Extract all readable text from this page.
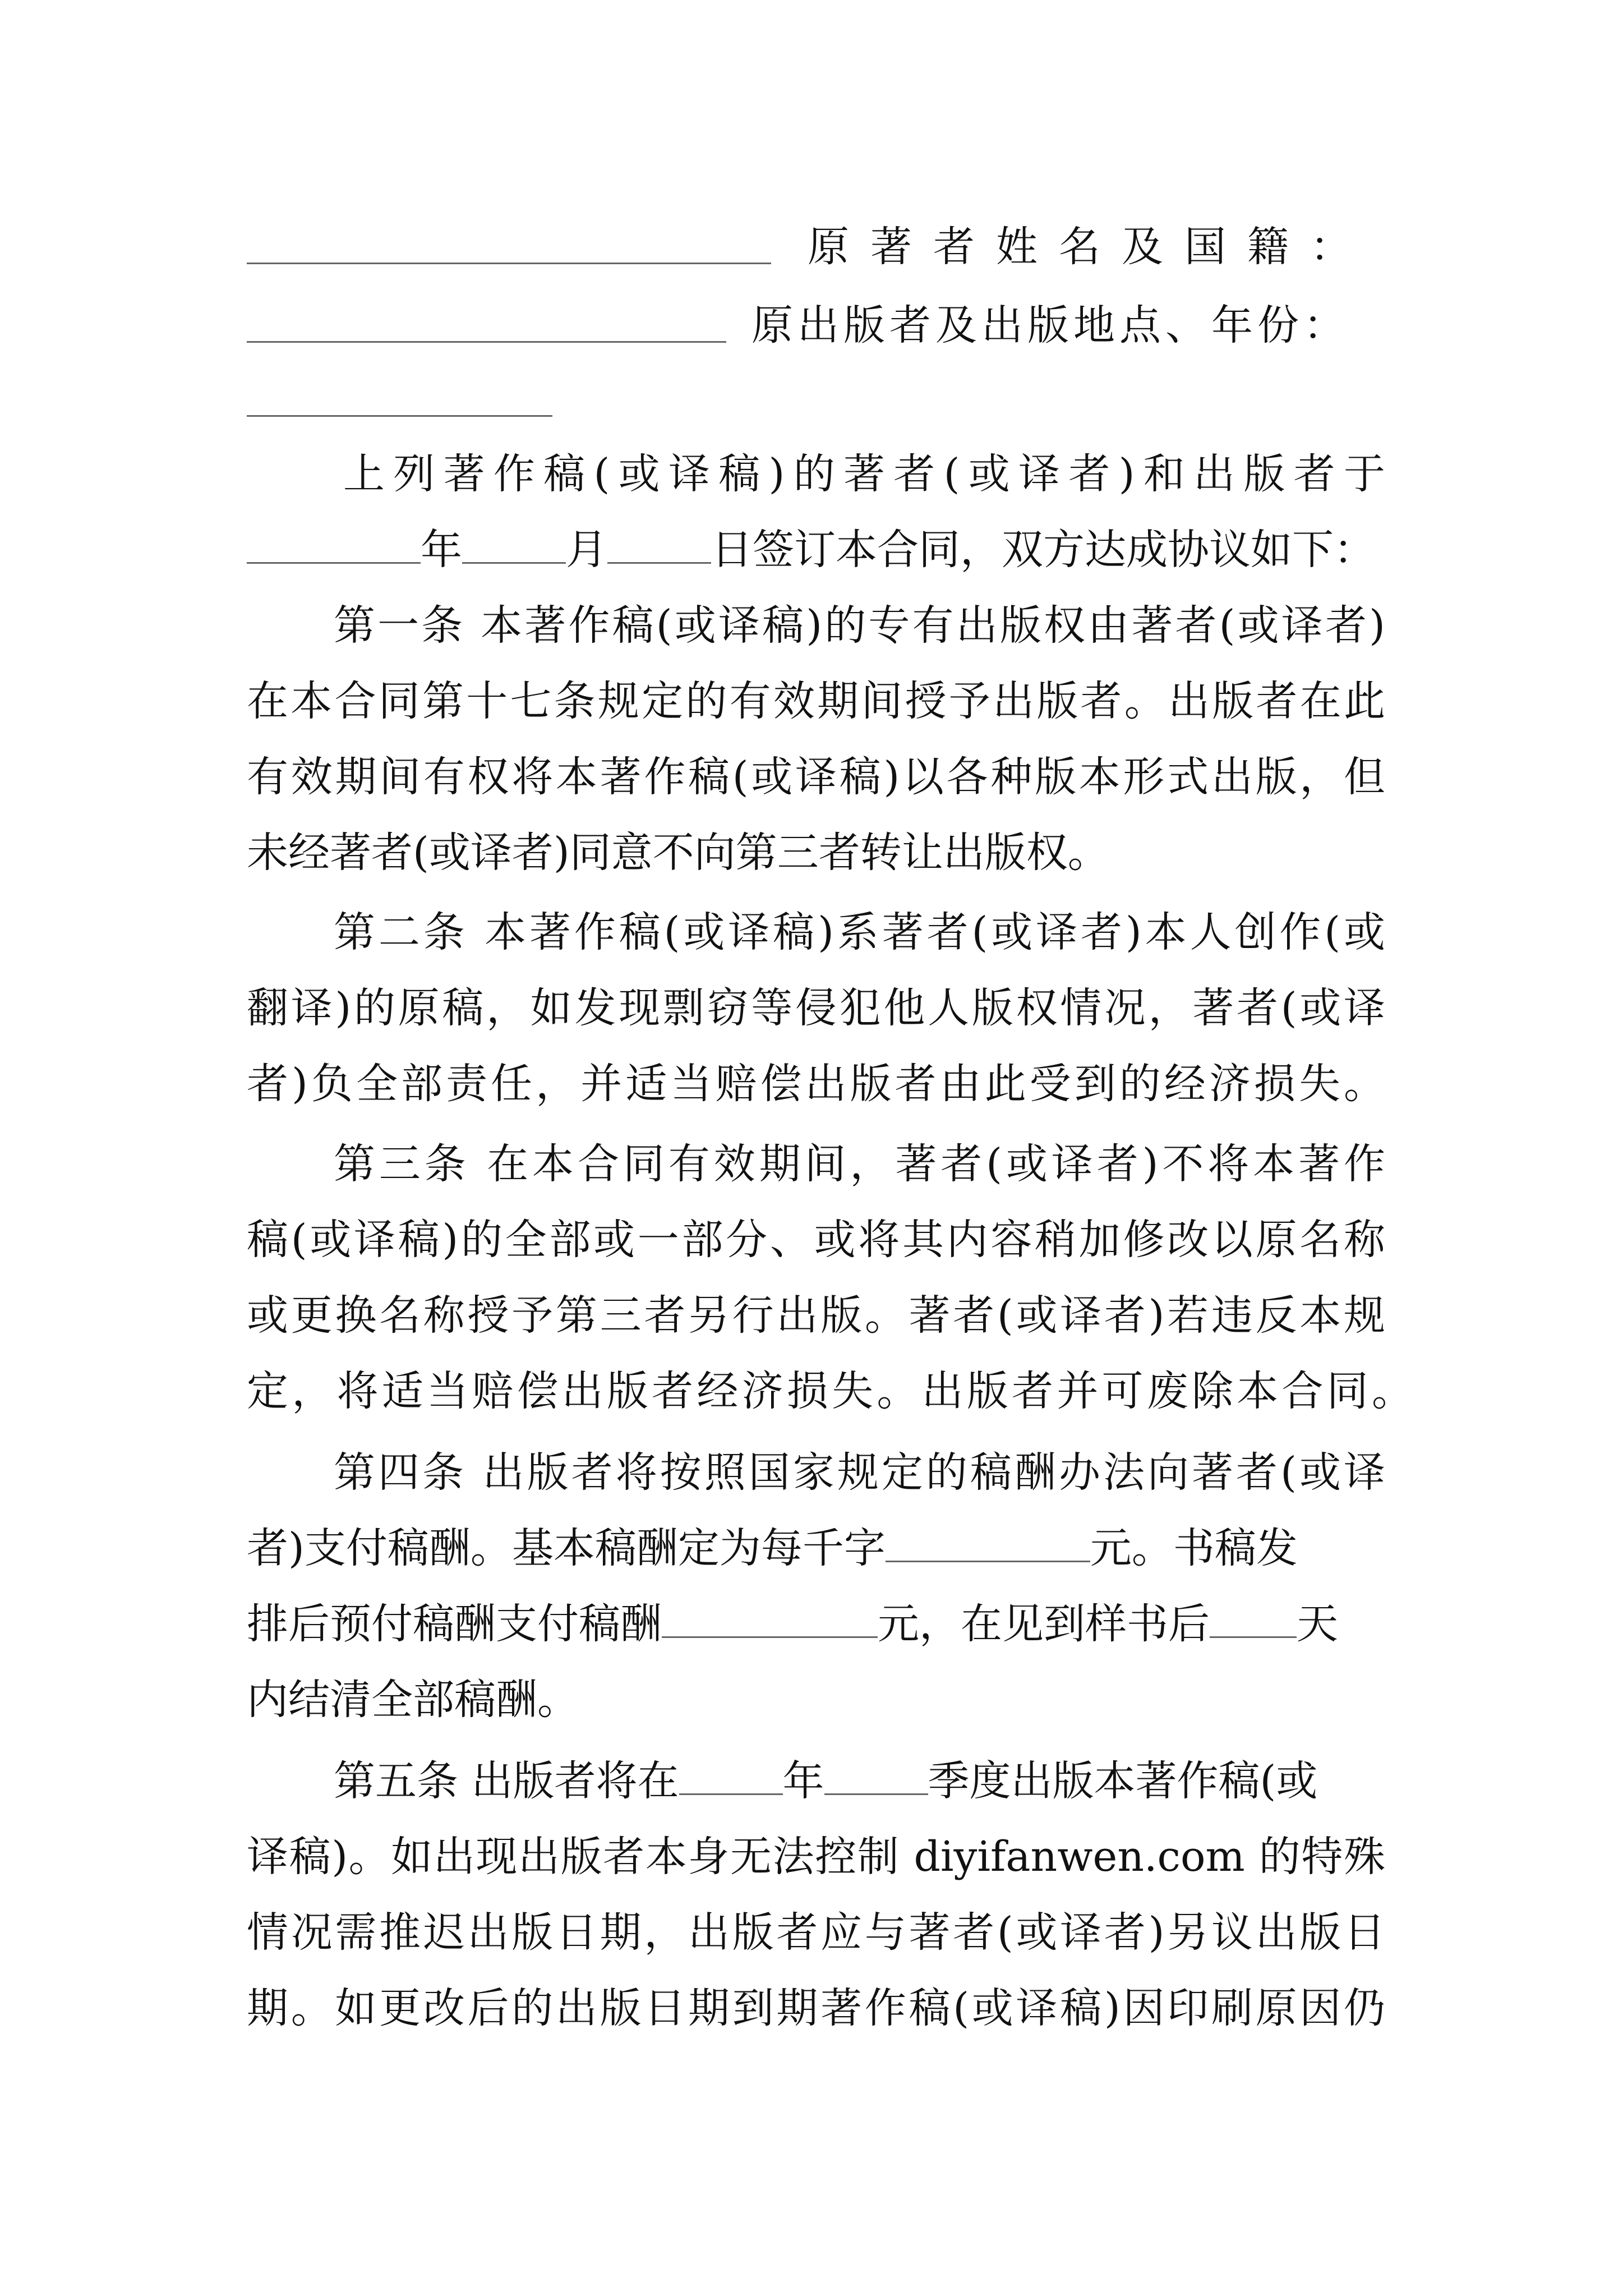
原著者姓名及国籍：
原出版者及出版地点、年份：
上列著作稿(或译稿)的著者(或译者)和出版者于
年	月	日签订本合同，双方达成协议如下：
第一条 本著作稿(或译稿)的专有出版权由著者(或译者)
在本合同第十七条规定的有效期间授予出版者。出版者在此
有效期间有权将本著作稿(或译稿)以各种版本形式出版，但
未经著者(或译者)同意不向第三者转让出版权。
第二条 本著作稿(或译稿)系著者(或译者)本人创作(或
翻译)的原稿，如发现剽窃等侵犯他人版权情况，著者(或译
者)负全部责任，并适当赔偿出版者由此受到的经济损失。
第三条 在本合同有效期间，著者(或译者)不将本著作
稿(或译稿)的全部或一部分、或将其内容稍加修改以原名称
或更换名称授予第三者另行出版。著者(或译者)若违反本规
定，将适当赔偿出版者经济损失。出版者并可废除本合同。
第四条 出版者将按照国家规定的稿酬办法向著者(或译
者)支付稿酬。基本稿酬定为每千字	元。书稿发
排后预付稿酬支付稿酬	元，在见到样书后 天
内结清全部稿酬。
第五条 出版者将在	年	季度出版本著作稿(或
译稿)。如出现出版者本身无法控制 diyifanwen.com 的特殊
情况需推迟出版日期，出版者应与著者(或译者)另议出版日
期。如更改后的出版日期到期著作稿(或译稿)因印刷原因仍
